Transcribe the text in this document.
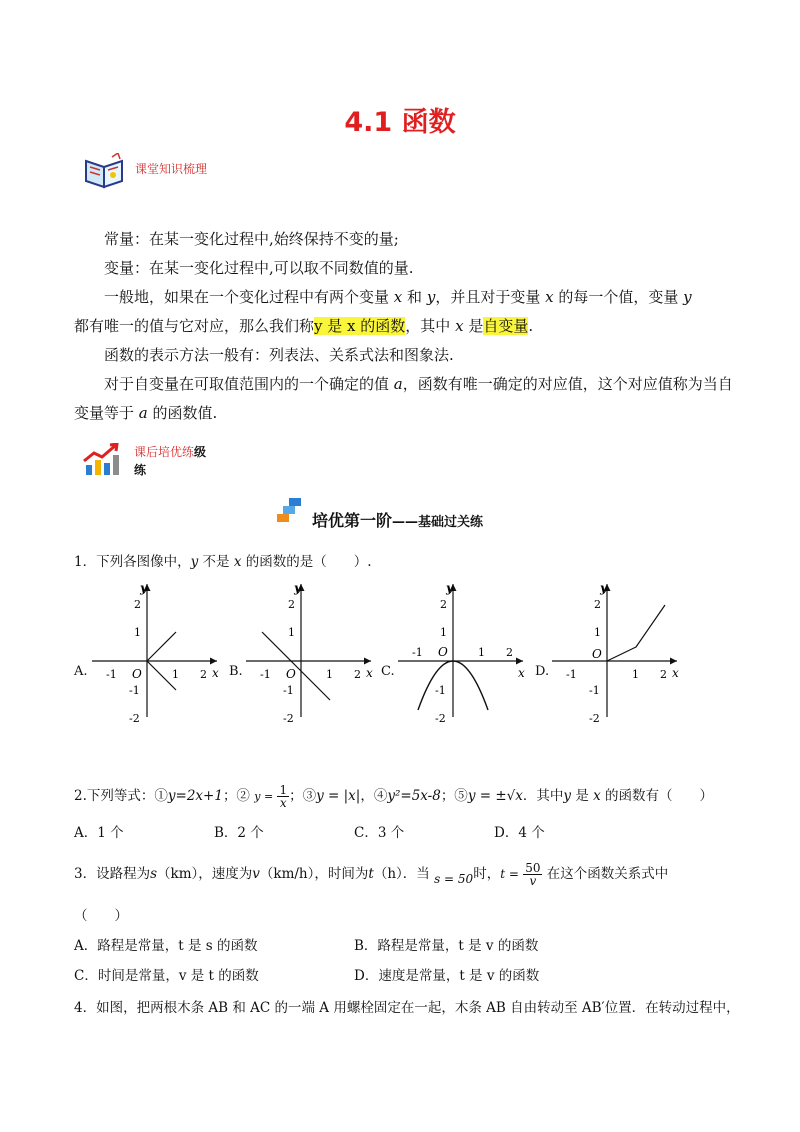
4.1 函数
课堂知识梳理

常量：在某一变化过程中,始终保持不变的量;

变量：在某一变化过程中,可以取不同数值的量.

一般地，如果在一个变化过程中有两个变量 x 和 y，并且对于变量 x 的每一个值，变量 y

都有唯一的值与它对应，那么我们称y 是 x 的函数，其中 x 是自变量.

函数的表示方法一般有：列表法、关系式法和图象法.

对于自变量在可取值范围内的一个确定的值 a，函数有唯一确定的对应值，这个对应值称为当自变量等于 a 的函数值.

课后培优练级
练
培优第一阶——基础过关练
1．下列各图像中，y 不是 x 的函数的是（　　）.
A.	B.	C.	D.
y
x
O
-1	1 2
2
1
-1
-2
y
x
O
-1	1 2
2
1
-1
-2
y
x
O
-1	1 2
2
1
-1
-2
y
x
O
-1	1 2
2
1
-1
-2
2.下列等式：①y=2x+1；② $y = \frac{1}{x}$ ；③y = |x|，④y²=5x-8；⑤y = ±√x．其中y 是 x 的函数有（　　）
A．1 个	B．2 个	C．3 个	D．4 个
3．设路程为s（km），速度为v（km/h），时间为t（h）．当 s = 50时，$t = \frac{50}{v}$ 在这个函数关系式中
（　　）
A．路程是常量，t 是 s 的函数	B．路程是常量，t 是 v 的函数
C．时间是常量，v 是 t 的函数	D．速度是常量，t 是 v 的函数
4．如图，把两根木条 AB 和 AC 的一端 A 用螺栓固定在一起，木条 AB 自由转动至 AB′位置．在转动过程中，
